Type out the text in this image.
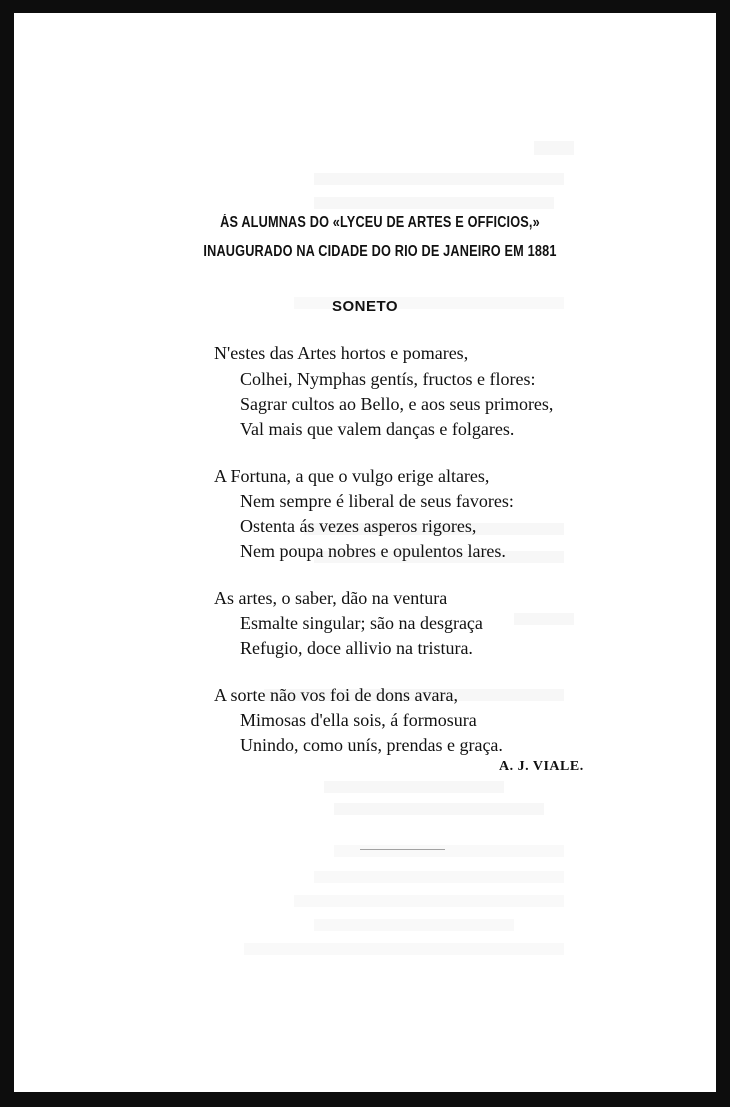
ÁS ALUMNAS DO «LYCEU DE ARTES E OFFICIOS,»
INAUGURADO NA CIDADE DO RIO DE JANEIRO EM 1881
SONETO

N'estes das Artes hortos e pomares,

Colhei, Nymphas gentís, fructos e flores:

Sagrar cultos ao Bello, e aos seus primores,

Val mais que valem danças e folgares.

A Fortuna, a que o vulgo erige altares,

Nem sempre é liberal de seus favores:

Ostenta ás vezes asperos rigores,

Nem poupa nobres e opulentos lares.

As artes, o saber, dão na ventura

Esmalte singular; são na desgraça

Refugio, doce allivio na tristura.

A sorte não vos foi de dons avara,

Mimosas d'ella sois, á formosura

Unindo, como unís, prendas e graça.

A. J. VIALE.
